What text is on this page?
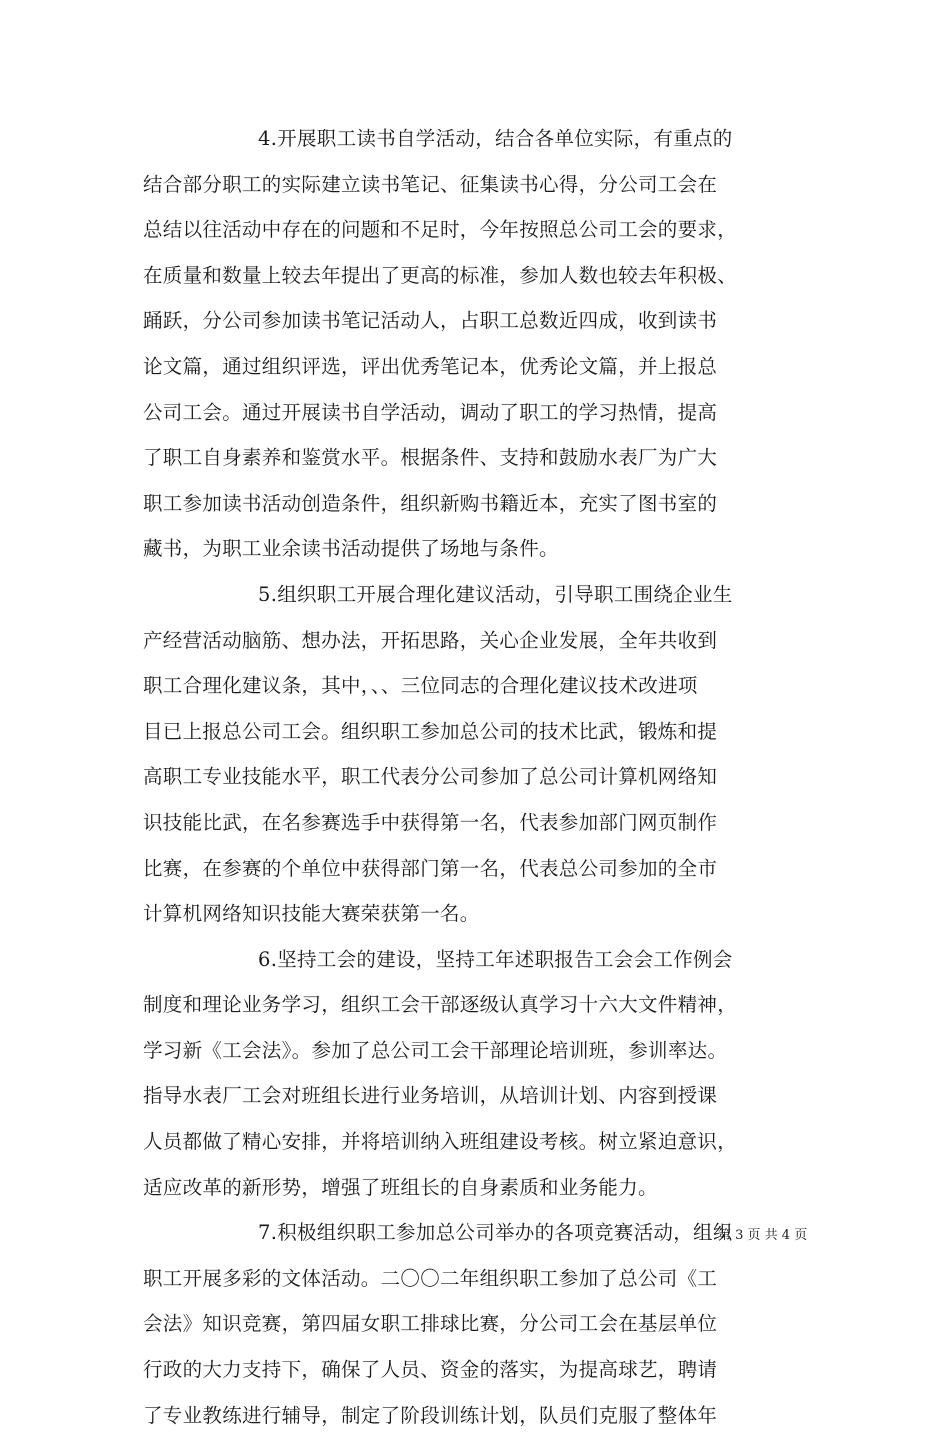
4.开展职工读书自学活动，结合各单位实际，有重点的
结合部分职工的实际建立读书笔记、征集读书心得，分公司工会在
总结以往活动中存在的问题和不足时，今年按照总公司工会的要求，
在质量和数量上较去年提出了更高的标准，参加人数也较去年积极、
踊跃，分公司参加读书笔记活动人，占职工总数近四成，收到读书
论文篇，通过组织评选，评出优秀笔记本，优秀论文篇，并上报总
公司工会。通过开展读书自学活动，调动了职工的学习热情，提高
了职工自身素养和鉴赏水平。根据条件、支持和鼓励水表厂为广大
职工参加读书活动创造条件，组织新购书籍近本，充实了图书室的
藏书，为职工业余读书活动提供了场地与条件。
5.组织职工开展合理化建议活动，引导职工围绕企业生
产经营活动脑筋、想办法，开拓思路，关心企业发展，全年共收到
职工合理化建议条，其中，、、三位同志的合理化建议技术改进项
目已上报总公司工会。组织职工参加总公司的技术比武，锻炼和提
高职工专业技能水平，职工代表分公司参加了总公司计算机网络知
识技能比武，在名参赛选手中获得第一名，代表参加部门网页制作
比赛，在参赛的个单位中获得部门第一名，代表总公司参加的全市
计算机网络知识技能大赛荣获第一名。
6.坚持工会的建设，坚持工年述职报告工会会工作例会
制度和理论业务学习，组织工会干部逐级认真学习十六大文件精神，
学习新《工会法》。参加了总公司工会干部理论培训班，参训率达。
指导水表厂工会对班组长进行业务培训，从培训计划、内容到授课
人员都做了精心安排，并将培训纳入班组建设考核。树立紧迫意识，
适应改革的新形势，增强了班组长的自身素质和业务能力。
7.积极组织职工参加总公司举办的各项竞赛活动，组织
职工开展多彩的文体活动。二〇〇二年组织职工参加了总公司《工
会法》知识竞赛，第四届女职工排球比赛，分公司工会在基层单位
行政的大力支持下，确保了人员、资金的落实，为提高球艺，聘请
了专业教练进行辅导，制定了阶段训练计划，队员们克服了整体年
第 3 页 共 4 页
